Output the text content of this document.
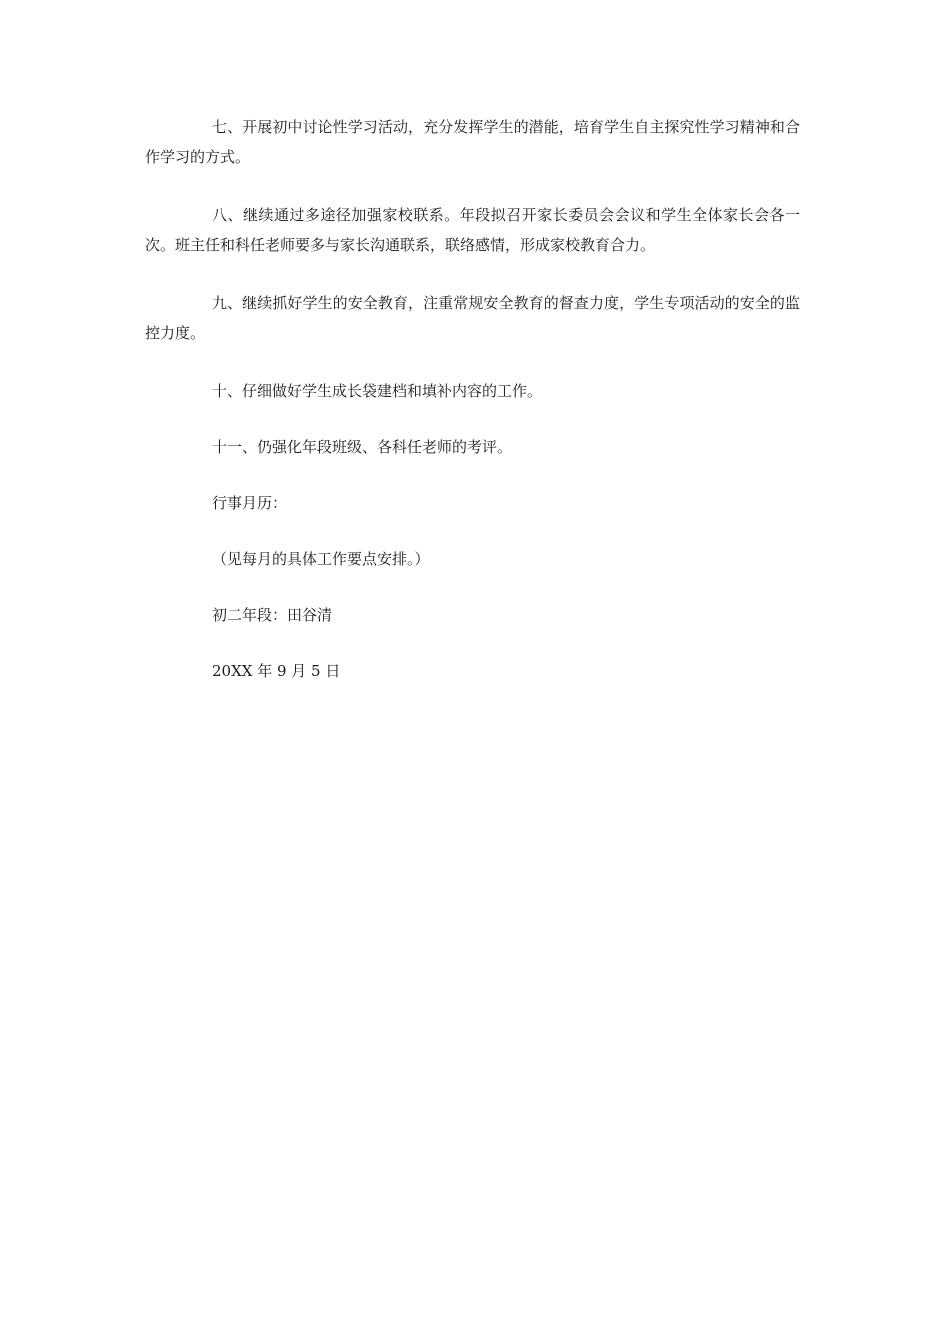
七、开展初中讨论性学习活动，充分发挥学生的潜能，培育学生自主探究性学习精神和合作学习的方式。

八、继续通过多途径加强家校联系。年段拟召开家长委员会会议和学生全体家长会各一次。班主任和科任老师要多与家长沟通联系，联络感情，形成家校教育合力。

九、继续抓好学生的安全教育，注重常规安全教育的督查力度，学生专项活动的安全的监控力度。

十、仔细做好学生成长袋建档和填补内容的工作。

十一、仍强化年段班级、各科任老师的考评。

行事月历：

（见每月的具体工作要点安排。）

初二年段：田谷清

20XX 年 9 月 5 日
